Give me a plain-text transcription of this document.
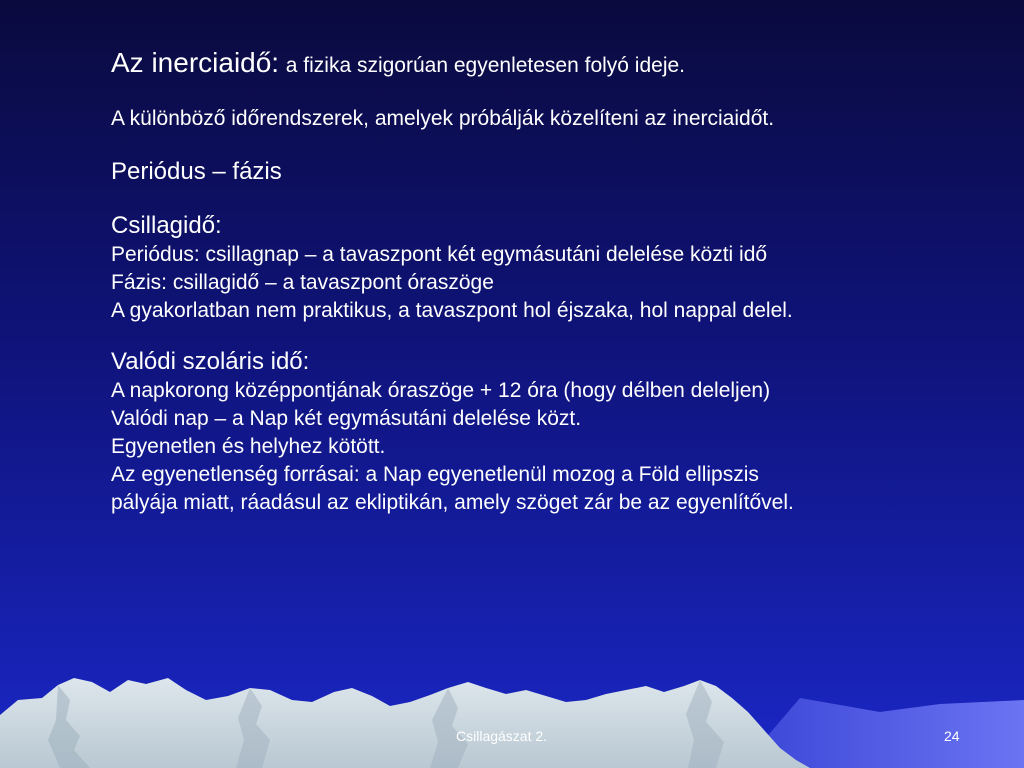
Az inerciaidő: a fizika szigorúan egyenletesen folyó ideje.
A különböző időrendszerek, amelyek próbálják közelíteni az inerciaidőt.
Periódus – fázis
Csillagidő:
Periódus: csillagnap – a tavaszpont két egymásutáni delelése közti idő
Fázis: csillagidő – a tavaszpont óraszöge
A gyakorlatban nem praktikus, a tavaszpont hol éjszaka, hol nappal delel.
Valódi szoláris idő:
A napkorong középpontjának óraszöge + 12 óra (hogy délben deleljen)
Valódi nap – a Nap két egymásutáni delelése közt.
Egyenetlen és helyhez kötött.
Az egyenetlenség forrásai: a Nap egyenetlenül mozog a Föld ellipszis
pályája miatt, ráadásul az ekliptikán, amely szöget zár be az egyenlítővel.
Csillagászat 2.	24
